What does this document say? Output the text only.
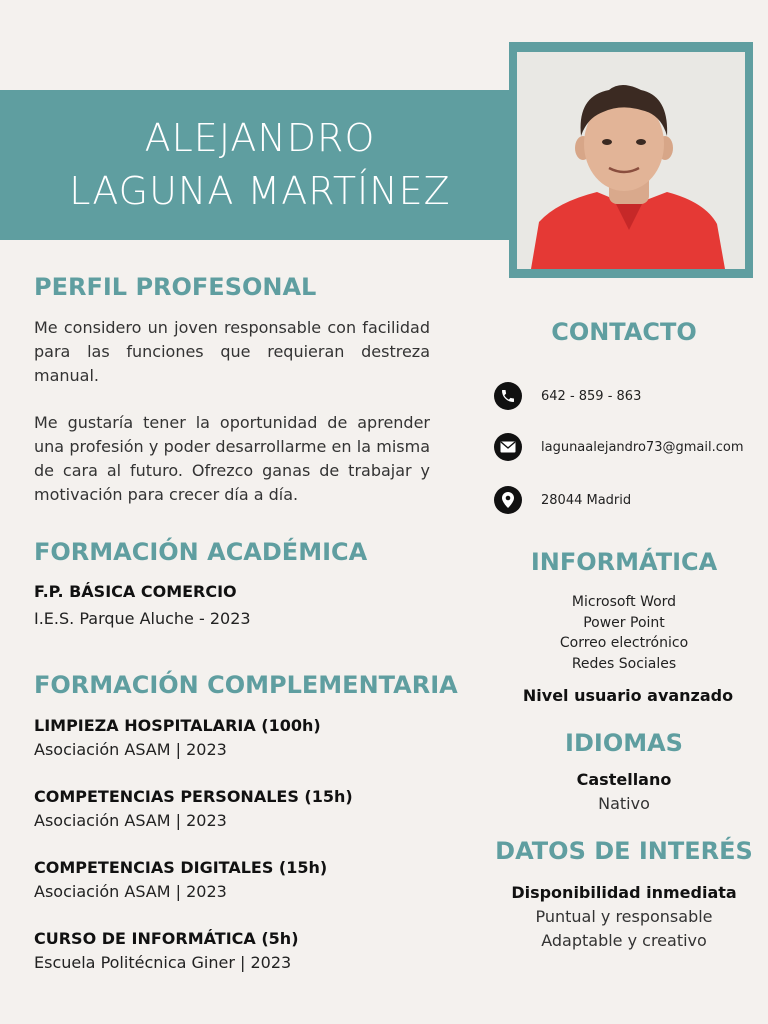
ALEJANDRO
LAGUNA MARTÍNEZ
PERFIL PROFESONAL

Me considero un joven responsable con facilidad para las funciones que requieran destreza manual.

Me gustaría tener la oportunidad de aprender una profesión y poder desarrollarme en la misma de cara al futuro. Ofrezco ganas de trabajar y motivación para crecer día a día.

FORMACIÓN ACADÉMICA

F.P. BÁSICA COMERCIO

I.E.S. Parque Aluche - 2023

FORMACIÓN COMPLEMENTARIA

LIMPIEZA HOSPITALARIA (100h)

Asociación ASAM | 2023

COMPETENCIAS PERSONALES (15h)

Asociación ASAM | 2023

COMPETENCIAS DIGITALES (15h)

Asociación ASAM | 2023

CURSO DE INFORMÁTICA (5h)

Escuela Politécnica Giner | 2023

CONTACTO
642 - 859 - 863
lagunaalejandro73@gmail.com
28044 Madrid
INFORMÁTICA
Microsoft Word
Power Point
Correo electrónico
Redes Sociales

Nivel usuario avanzado

IDIOMAS

Castellano

Nativo

DATOS DE INTERÉS

Disponibilidad inmediata

Puntual y responsable

Adaptable y creativo
